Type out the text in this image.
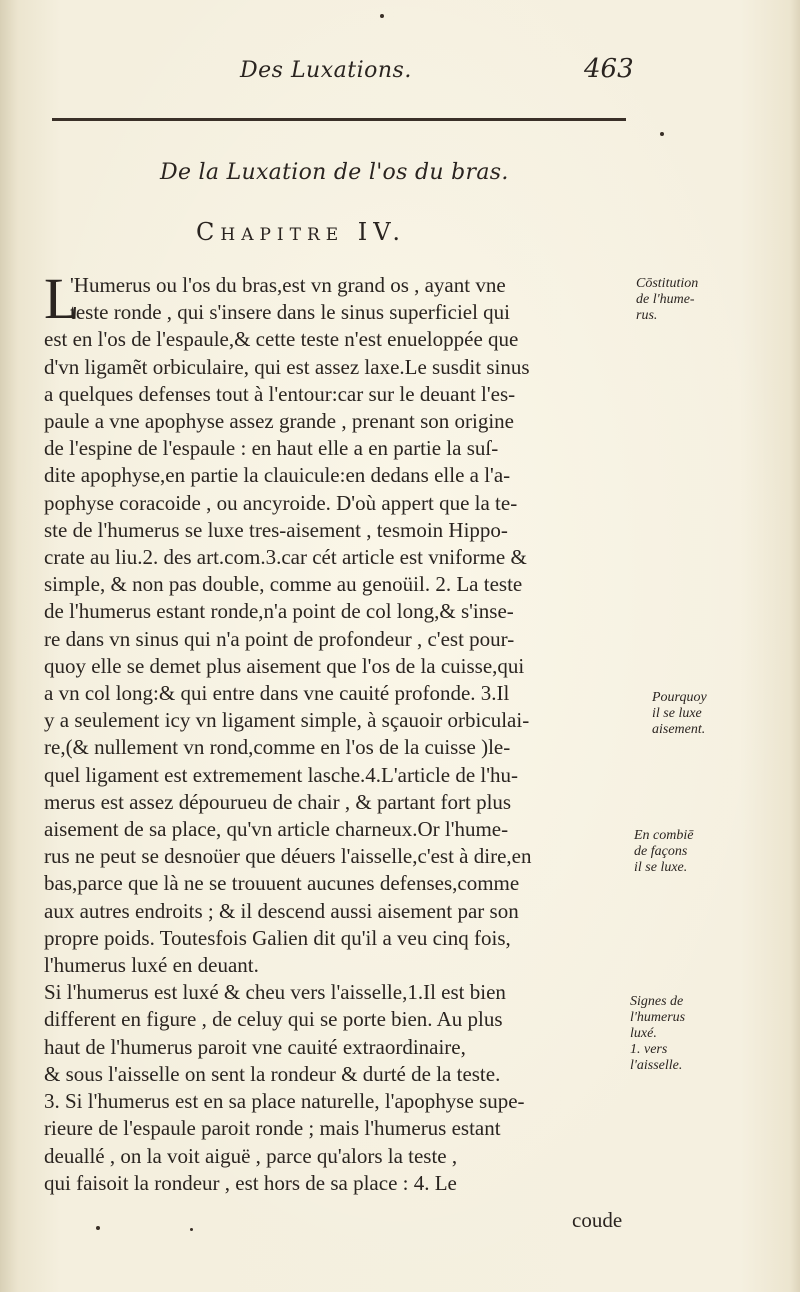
Des Luxations.	463
De la Luxation de l'os du bras.
Chapitre IV.
L
'Humerus ou l'os du bras,est vn grand os , ayant vne
teste ronde , qui s'insere dans le sinus superficiel qui
est en l'os de l'espaule,& cette teste n'est enueloppée que
d'vn ligamẽt orbiculaire, qui est assez laxe.Le susdit sinus
a quelques defenses tout à l'entour:car sur le deuant l'es-
paule a vne apophyse assez grande , prenant son origine
de l'espine de l'espaule : en haut elle a en partie la suſ-
dite apophyse,en partie la clauicule:en dedans elle a l'a-
pophyse coracoide , ou ancyroide. D'où appert que la te-
ste de l'humerus se luxe tres-aisement , tesmoin Hippo-
crate au liu.2. des art.com.3.car cét article est vniforme &
simple, & non pas double, comme au genoüil. 2. La teste
de l'humerus estant ronde,n'a point de col long,& s'inse-
re dans vn sinus qui n'a point de profondeur , c'est pour-
quoy elle se demet plus aisement que l'os de la cuisse,qui
a vn col long:& qui entre dans vne cauité profonde. 3.Il
y a seulement icy vn ligament simple, à sçauoir orbiculai-
re,(& nullement vn rond,comme en l'os de la cuisse )le-
quel ligament est extremement lasche.4.L'article de l'hu-
merus est assez dépourueu de chair , & partant fort plus
aisement de sa place, qu'vn article charneux.Or l'hume-
rus ne peut se desnoüer que déuers l'aisselle,c'est à dire,en
bas,parce que là ne se trouuent aucunes defenses,comme
aux autres endroits ; & il descend aussi aisement par son
propre poids. Toutesfois Galien dit qu'il a veu cinq fois,
l'humerus luxé en deuant.
Si l'humerus est luxé & cheu vers l'aisselle,1.Il est bien
different en figure , de celuy qui se porte bien. Au plus
haut de l'humerus paroit vne cauité extraordinaire,
& sous l'aisselle on sent la rondeur & durté de la teste.
3. Si l'humerus est en sa place naturelle, l'apophyse supe-
rieure de l'espaule paroit ronde ; mais l'humerus estant
deuallé , on la voit aiguë , parce qu'alors la teste ,
qui faisoit la rondeur , est hors de sa place : 4. Le
Cōstitution
de l'hume-
rus.
Pourquoy
il se luxe
aisement.
En combiē
de façons
il se luxe.
Signes de
l'humerus
luxé.
1. vers
l'aisselle.
coude
